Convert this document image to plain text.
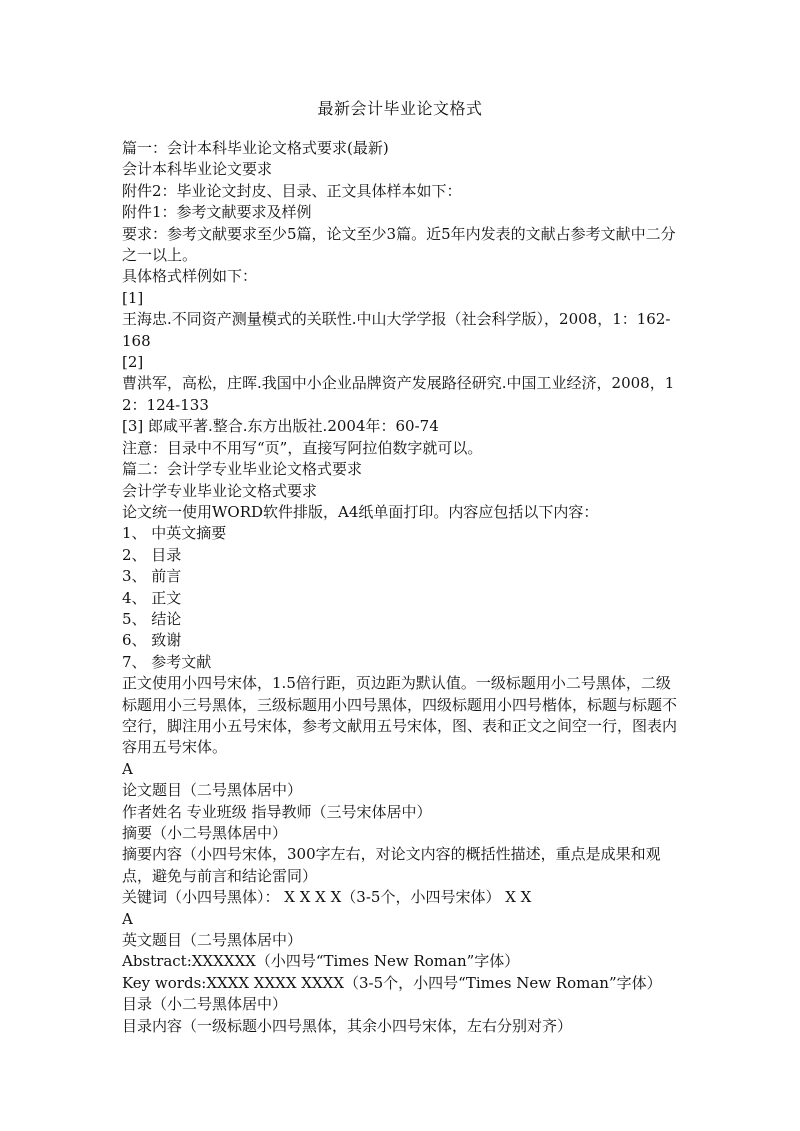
最新会计毕业论文格式

篇一：会计本科毕业论文格式要求(最新)

会计本科毕业论文要求

附件2：毕业论文封皮、目录、正文具体样本如下：

附件1：参考文献要求及样例

要求：参考文献要求至少5篇，论文至少3篇。近5年内发表的文献占参考文献中二分之一以上。

具体格式样例如下：

[1]

王海忠.不同资产测量模式的关联性.中山大学学报（社会科学版），2008，1：162-168

[2]

曹洪军，高松，庄晖.我国中小企业品牌资产发展路径研究.中国工业经济，2008，12：124-133

[3] 郎咸平著.整合.东方出版社.2004年：60-74

注意：目录中不用写“页”，直接写阿拉伯数字就可以。

篇二：会计学专业毕业论文格式要求

会计学专业毕业论文格式要求

论文统一使用WORD软件排版，A4纸单面打印。内容应包括以下内容：

1、 中英文摘要

2、 目录

3、 前言

4、 正文

5、 结论

6、 致谢

7、 参考文献

正文使用小四号宋体，1.5倍行距，页边距为默认值。一级标题用小二号黑体，二级标题用小三号黑体，三级标题用小四号黑体，四级标题用小四号楷体，标题与标题不空行，脚注用小五号宋体，参考文献用五号宋体，图、表和正文之间空一行，图表内容用五号宋体。

A

论文题目（二号黑体居中）

作者姓名 专业班级 指导教师（三号宋体居中）

摘要（小二号黑体居中）

摘要内容（小四号宋体，300字左右，对论文内容的概括性描述，重点是成果和观点，避免与前言和结论雷同）

关键词（小四号黑体）： X X X X（3-5个，小四号宋体） X X

A

英文题目（二号黑体居中）

Abstract:XXXXXX（小四号“Times New Roman”字体）

Key words:XXXX XXXX XXXX（3-5个，小四号“Times New Roman”字体）

目录（小二号黑体居中）

目录内容（一级标题小四号黑体，其余小四号宋体，左右分别对齐）
